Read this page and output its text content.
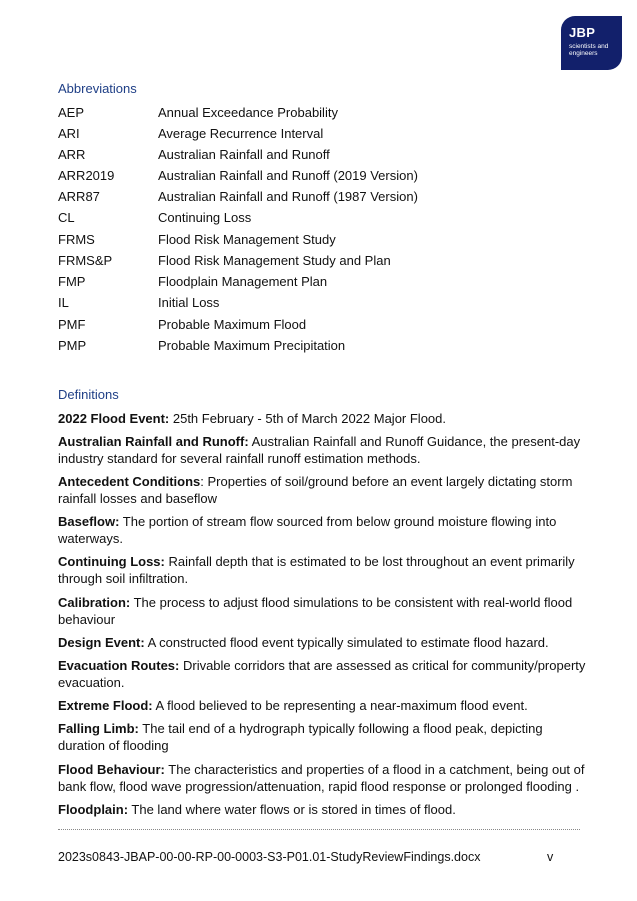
JBP
scientists and engineers
Abbreviations
AEP	Annual Exceedance Probability
ARI	Average Recurrence Interval
ARR	Australian Rainfall and Runoff
ARR2019	Australian Rainfall and Runoff (2019 Version)
ARR87	Australian Rainfall and Runoff (1987 Version)
CL	Continuing Loss
FRMS	Flood Risk Management Study
FRMS&P	Flood Risk Management Study and Plan
FMP	Floodplain Management Plan
IL	Initial Loss
PMF	Probable Maximum Flood
PMP	Probable Maximum Precipitation
Definitions
2022 Flood Event: 25th February - 5th of March 2022 Major Flood.
Australian Rainfall and Runoff: Australian Rainfall and Runoff Guidance, the present-day industry standard for several rainfall runoff estimation methods.
Antecedent Conditions: Properties of soil/ground before an event largely dictating storm rainfall losses and baseflow
Baseflow: The portion of stream flow sourced from below ground moisture flowing into waterways.
Continuing Loss: Rainfall depth that is estimated to be lost throughout an event primarily through soil infiltration.
Calibration: The process to adjust flood simulations to be consistent with real-world flood behaviour
Design Event: A constructed flood event typically simulated to estimate flood hazard.
Evacuation Routes: Drivable corridors that are assessed as critical for community/property evacuation.
Extreme Flood: A flood believed to be representing a near-maximum flood event.
Falling Limb: The tail end of a hydrograph typically following a flood peak, depicting duration of flooding
Flood Behaviour: The characteristics and properties of a flood in a catchment, being out of bank flow, flood wave progression/attenuation, rapid flood response or prolonged flooding .
Floodplain: The land where water flows or is stored in times of flood.
2023s0843-JBAP-00-00-RP-00-0003-S3-P01.01-StudyReviewFindings.docx	v
